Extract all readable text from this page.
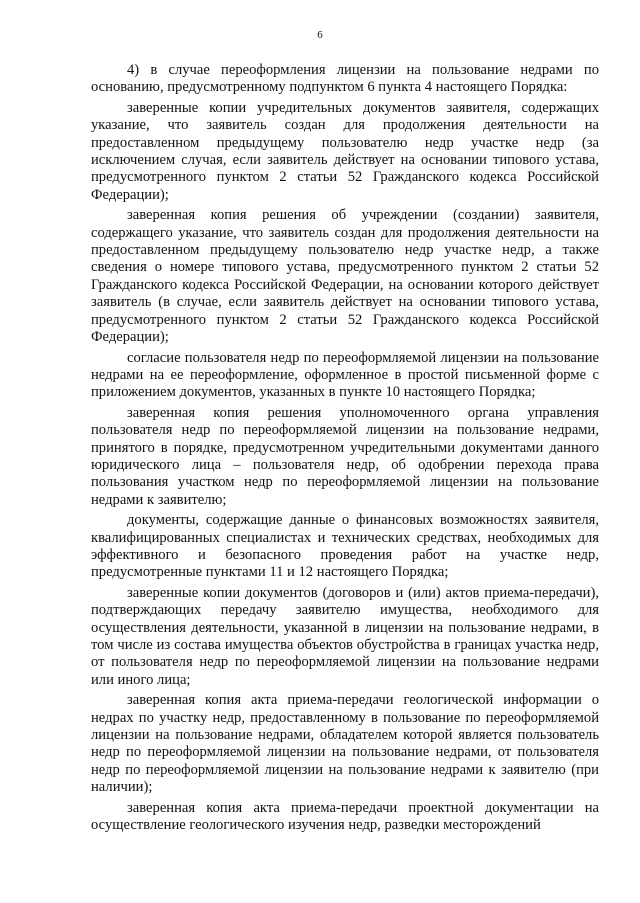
6

4) в случае переоформления лицензии на пользование недрами по основанию, предусмотренному подпунктом 6 пункта 4 настоящего Порядка:

заверенные копии учредительных документов заявителя, содержащих указание, что заявитель создан для продолжения деятельности на предоставленном предыдущему пользователю недр участке недр (за исключением случая, если заявитель действует на основании типового устава, предусмотренного пунктом 2 статьи 52 Гражданского кодекса Российской Федерации);

заверенная копия решения об учреждении (создании) заявителя, содержащего указание, что заявитель создан для продолжения деятельности на предоставленном предыдущему пользователю недр участке недр, а также сведения о номере типового устава, предусмотренного пунктом 2 статьи 52 Гражданского кодекса Российской Федерации, на основании которого действует заявитель (в случае, если заявитель действует на основании типового устава, предусмотренного пунктом 2 статьи 52 Гражданского кодекса Российской Федерации);

согласие пользователя недр по переоформляемой лицензии на пользование недрами на ее переоформление, оформленное в простой письменной форме с приложением документов, указанных в пункте 10 настоящего Порядка;

заверенная копия решения уполномоченного органа управления пользователя недр по переоформляемой лицензии на пользование недрами, принятого в порядке, предусмотренном учредительными документами данного юридического лица – пользователя недр, об одобрении перехода права пользования участком недр по переоформляемой лицензии на пользование недрами к заявителю;

документы, содержащие данные о финансовых возможностях заявителя, квалифицированных специалистах и технических средствах, необходимых для эффективного и безопасного проведения работ на участке недр, предусмотренные пунктами 11 и 12 настоящего Порядка;

заверенные копии документов (договоров и (или) актов приема-передачи), подтверждающих передачу заявителю имущества, необходимого для осуществления деятельности, указанной в лицензии на пользование недрами, в том числе из состава имущества объектов обустройства в границах участка недр, от пользователя недр по переоформляемой лицензии на пользование недрами или иного лица;

заверенная копия акта приема-передачи геологической информации о недрах по участку недр, предоставленному в пользование по переоформляемой лицензии на пользование недрами, обладателем которой является пользователь недр по переоформляемой лицензии на пользование недрами, от пользователя недр по переоформляемой лицензии на пользование недрами к заявителю (при наличии);

заверенная копия акта приема-передачи проектной документации на осуществление геологического изучения недр, разведки месторождений
